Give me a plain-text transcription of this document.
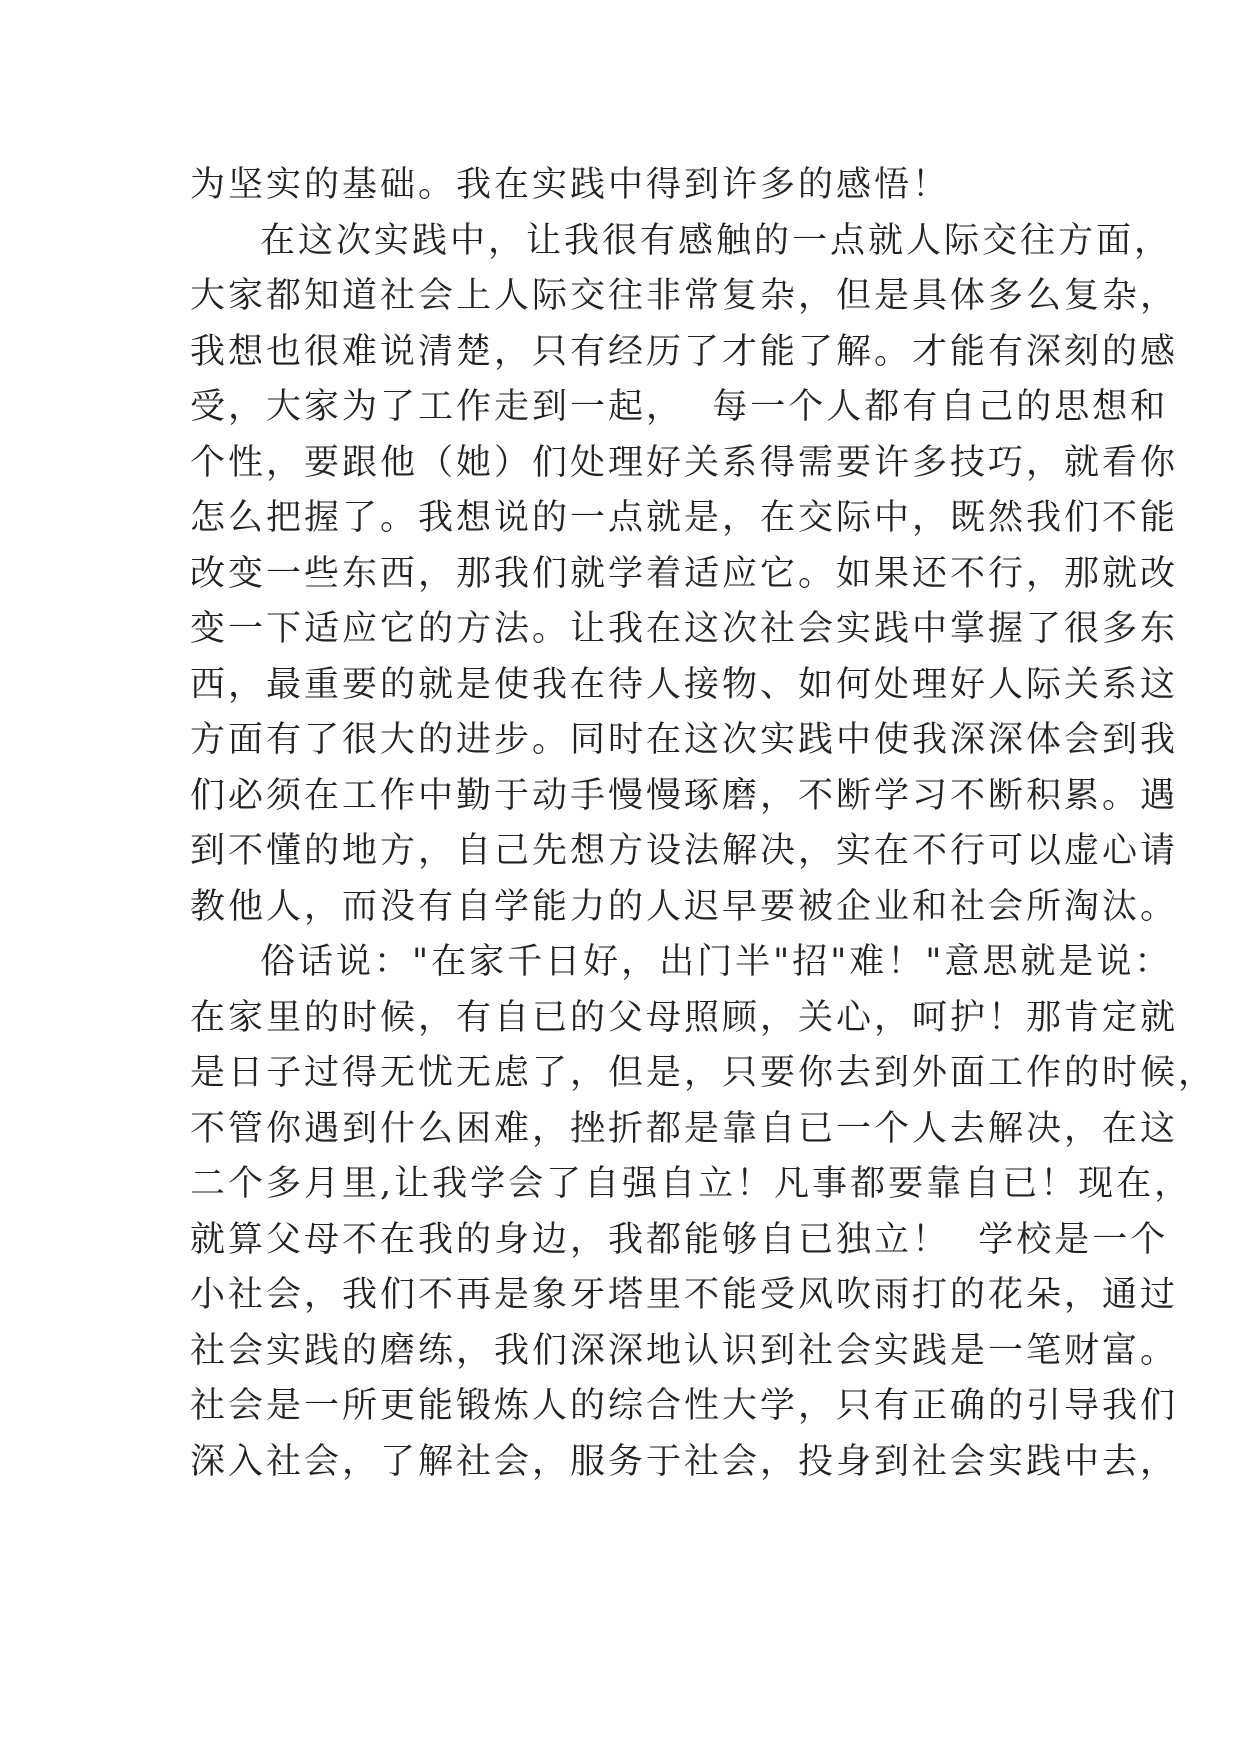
为坚实的基础。我在实践中得到许多的感悟！
在这次实践中，让我很有感触的一点就人际交往方面，
大家都知道社会上人际交往非常复杂，但是具体多么复杂，
我想也很难说清楚，只有经历了才能了解。才能有深刻的感
受，大家为了工作走到一起，  每一个人都有自己的思想和
个性，要跟他（她）们处理好关系得需要许多技巧，就看你
怎么把握了。我想说的一点就是，在交际中，既然我们不能
改变一些东西，那我们就学着适应它。如果还不行，那就改
变一下适应它的方法。让我在这次社会实践中掌握了很多东
西，最重要的就是使我在待人接物、如何处理好人际关系这
方面有了很大的进步。同时在这次实践中使我深深体会到我
们必须在工作中勤于动手慢慢琢磨，不断学习不断积累。遇
到不懂的地方，自己先想方设法解决，实在不行可以虚心请
教他人，而没有自学能力的人迟早要被企业和社会所淘汰。
俗话说："在家千日好，出门半"招"难！"意思就是说：
在家里的时候，有自已的父母照顾，关心，呵护！那肯定就
是日子过得无忧无虑了，但是，只要你去到外面工作的时候，
不管你遇到什么困难，挫折都是靠自已一个人去解决，在这
二个多月里,让我学会了自强自立！凡事都要靠自已！现在，
就算父母不在我的身边，我都能够自已独立！  学校是一个
小社会，我们不再是象牙塔里不能受风吹雨打的花朵，通过
社会实践的磨练，我们深深地认识到社会实践是一笔财富。
社会是一所更能锻炼人的综合性大学，只有正确的引导我们
深入社会，了解社会，服务于社会，投身到社会实践中去，
